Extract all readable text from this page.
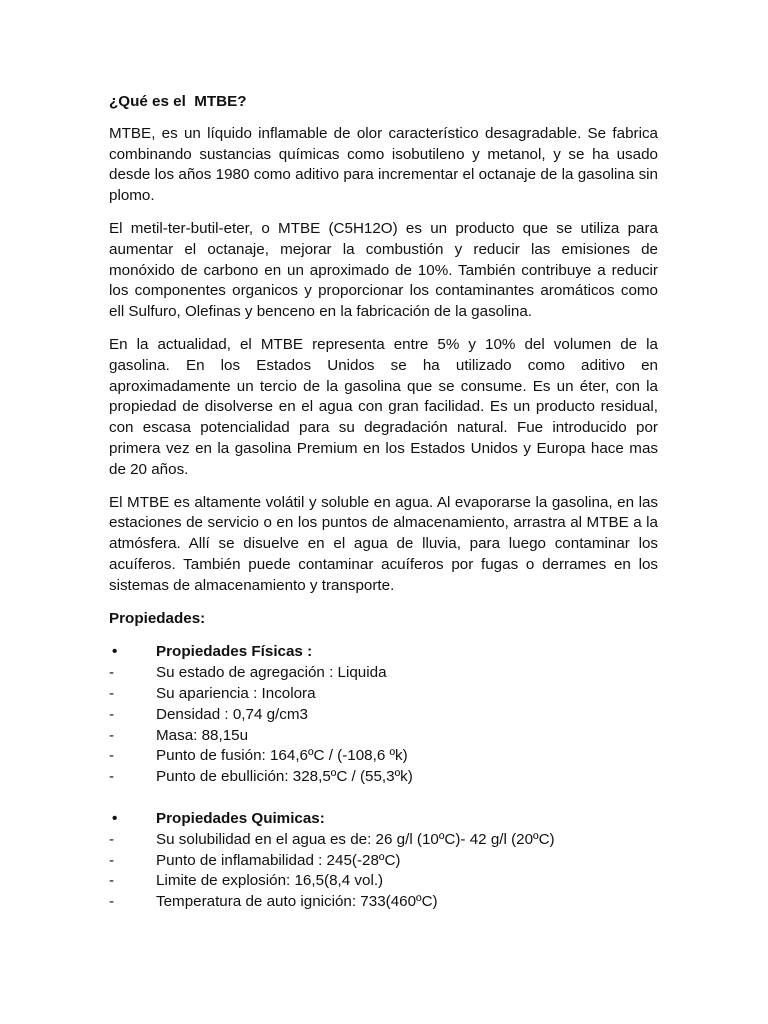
¿Qué es el  MTBE?

MTBE, es un líquido inflamable de olor característico desagradable. Se fabrica combinando sustancias químicas como isobutileno y metanol, y se ha usado desde los años 1980 como aditivo para incrementar el octanaje de la gasolina sin plomo.

El metil-ter-butil-eter, o MTBE (C5H12O) es un producto que se utiliza para aumentar el octanaje, mejorar la combustión y reducir las emisiones de monóxido de carbono en un aproximado de 10%. También contribuye a reducir los componentes organicos y proporcionar los contaminantes aromáticos como ell Sulfuro, Olefinas y benceno en la fabricación de la gasolina.

En la actualidad, el MTBE representa entre 5% y 10% del volumen de la gasolina. En los Estados Unidos se ha utilizado como aditivo en aproximadamente un tercio de la gasolina que se consume. Es un éter, con la propiedad de disolverse en el agua con gran facilidad. Es un producto residual, con escasa potencialidad para su degradación natural. Fue introducido por primera vez en la gasolina Premium en los Estados Unidos y Europa hace mas de 20 años.

El MTBE es altamente volátil y soluble en agua. Al evaporarse la gasolina, en las estaciones de servicio o en los puntos de almacenamiento, arrastra al MTBE a la atmósfera. Allí se disuelve en el agua de lluvia, para luego contaminar los acuíferos. También puede contaminar acuíferos por fugas o derrames en los sistemas de almacenamiento y transporte.

Propiedades:
•	Propiedades Físicas :
-	Su estado de agregación : Liquida
-	Su apariencia : Incolora
-	Densidad : 0,74 g/cm3
-	Masa: 88,15u
-	Punto de fusión: 164,6ºC / (-108,6 ºk)
-	Punto de ebullición: 328,5ºC / (55,3ºk)
•	Propiedades Quimicas:
-	Su solubilidad en el agua es de: 26 g/l (10ºC)- 42 g/l (20ºC)
-	Punto de inflamabilidad : 245(-28ºC)
-	Limite de explosión: 16,5(8,4 vol.)
-	Temperatura de auto ignición: 733(460ºC)
